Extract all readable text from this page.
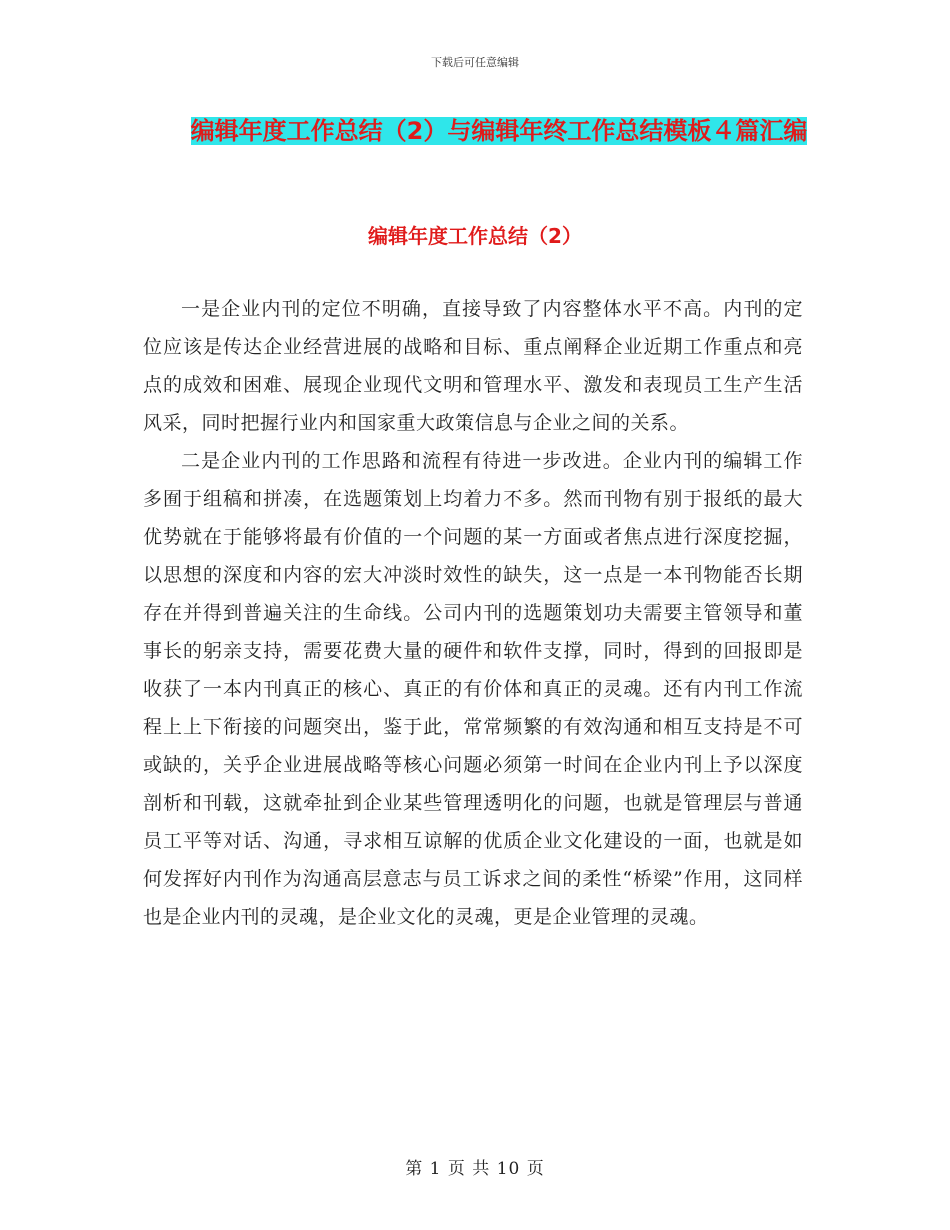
下载后可任意编辑
编辑年度工作总结（2）与编辑年终工作总结模板４篇汇编
编辑年度工作总结（2）

一是企业内刊的定位不明确，直接导致了内容整体水平不高。内刊的定位应该是传达企业经营进展的战略和目标、重点阐释企业近期工作重点和亮点的成效和困难、展现企业现代文明和管理水平、激发和表现员工生产生活风采，同时把握行业内和国家重大政策信息与企业之间的关系。

二是企业内刊的工作思路和流程有待进一步改进。企业内刊的编辑工作多囿于组稿和拼凑，在选题策划上均着力不多。然而刊物有别于报纸的最大优势就在于能够将最有价值的一个问题的某一方面或者焦点进行深度挖掘，以思想的深度和内容的宏大冲淡时效性的缺失，这一点是一本刊物能否长期存在并得到普遍关注的生命线。公司内刊的选题策划功夫需要主管领导和董事长的躬亲支持，需要花费大量的硬件和软件支撑，同时，得到的回报即是收获了一本内刊真正的核心、真正的有价体和真正的灵魂。还有内刊工作流程上上下衔接的问题突出，鉴于此，常常频繁的有效沟通和相互支持是不可或缺的，关乎企业进展战略等核心问题必须第一时间在企业内刊上予以深度剖析和刊载，这就牵扯到企业某些管理透明化的问题，也就是管理层与普通员工平等对话、沟通，寻求相互谅解的优质企业文化建设的一面，也就是如何发挥好内刊作为沟通高层意志与员工诉求之间的柔性“桥梁”作用，这同样也是企业内刊的灵魂，是企业文化的灵魂，更是企业管理的灵魂。

第 1 页 共 10 页
